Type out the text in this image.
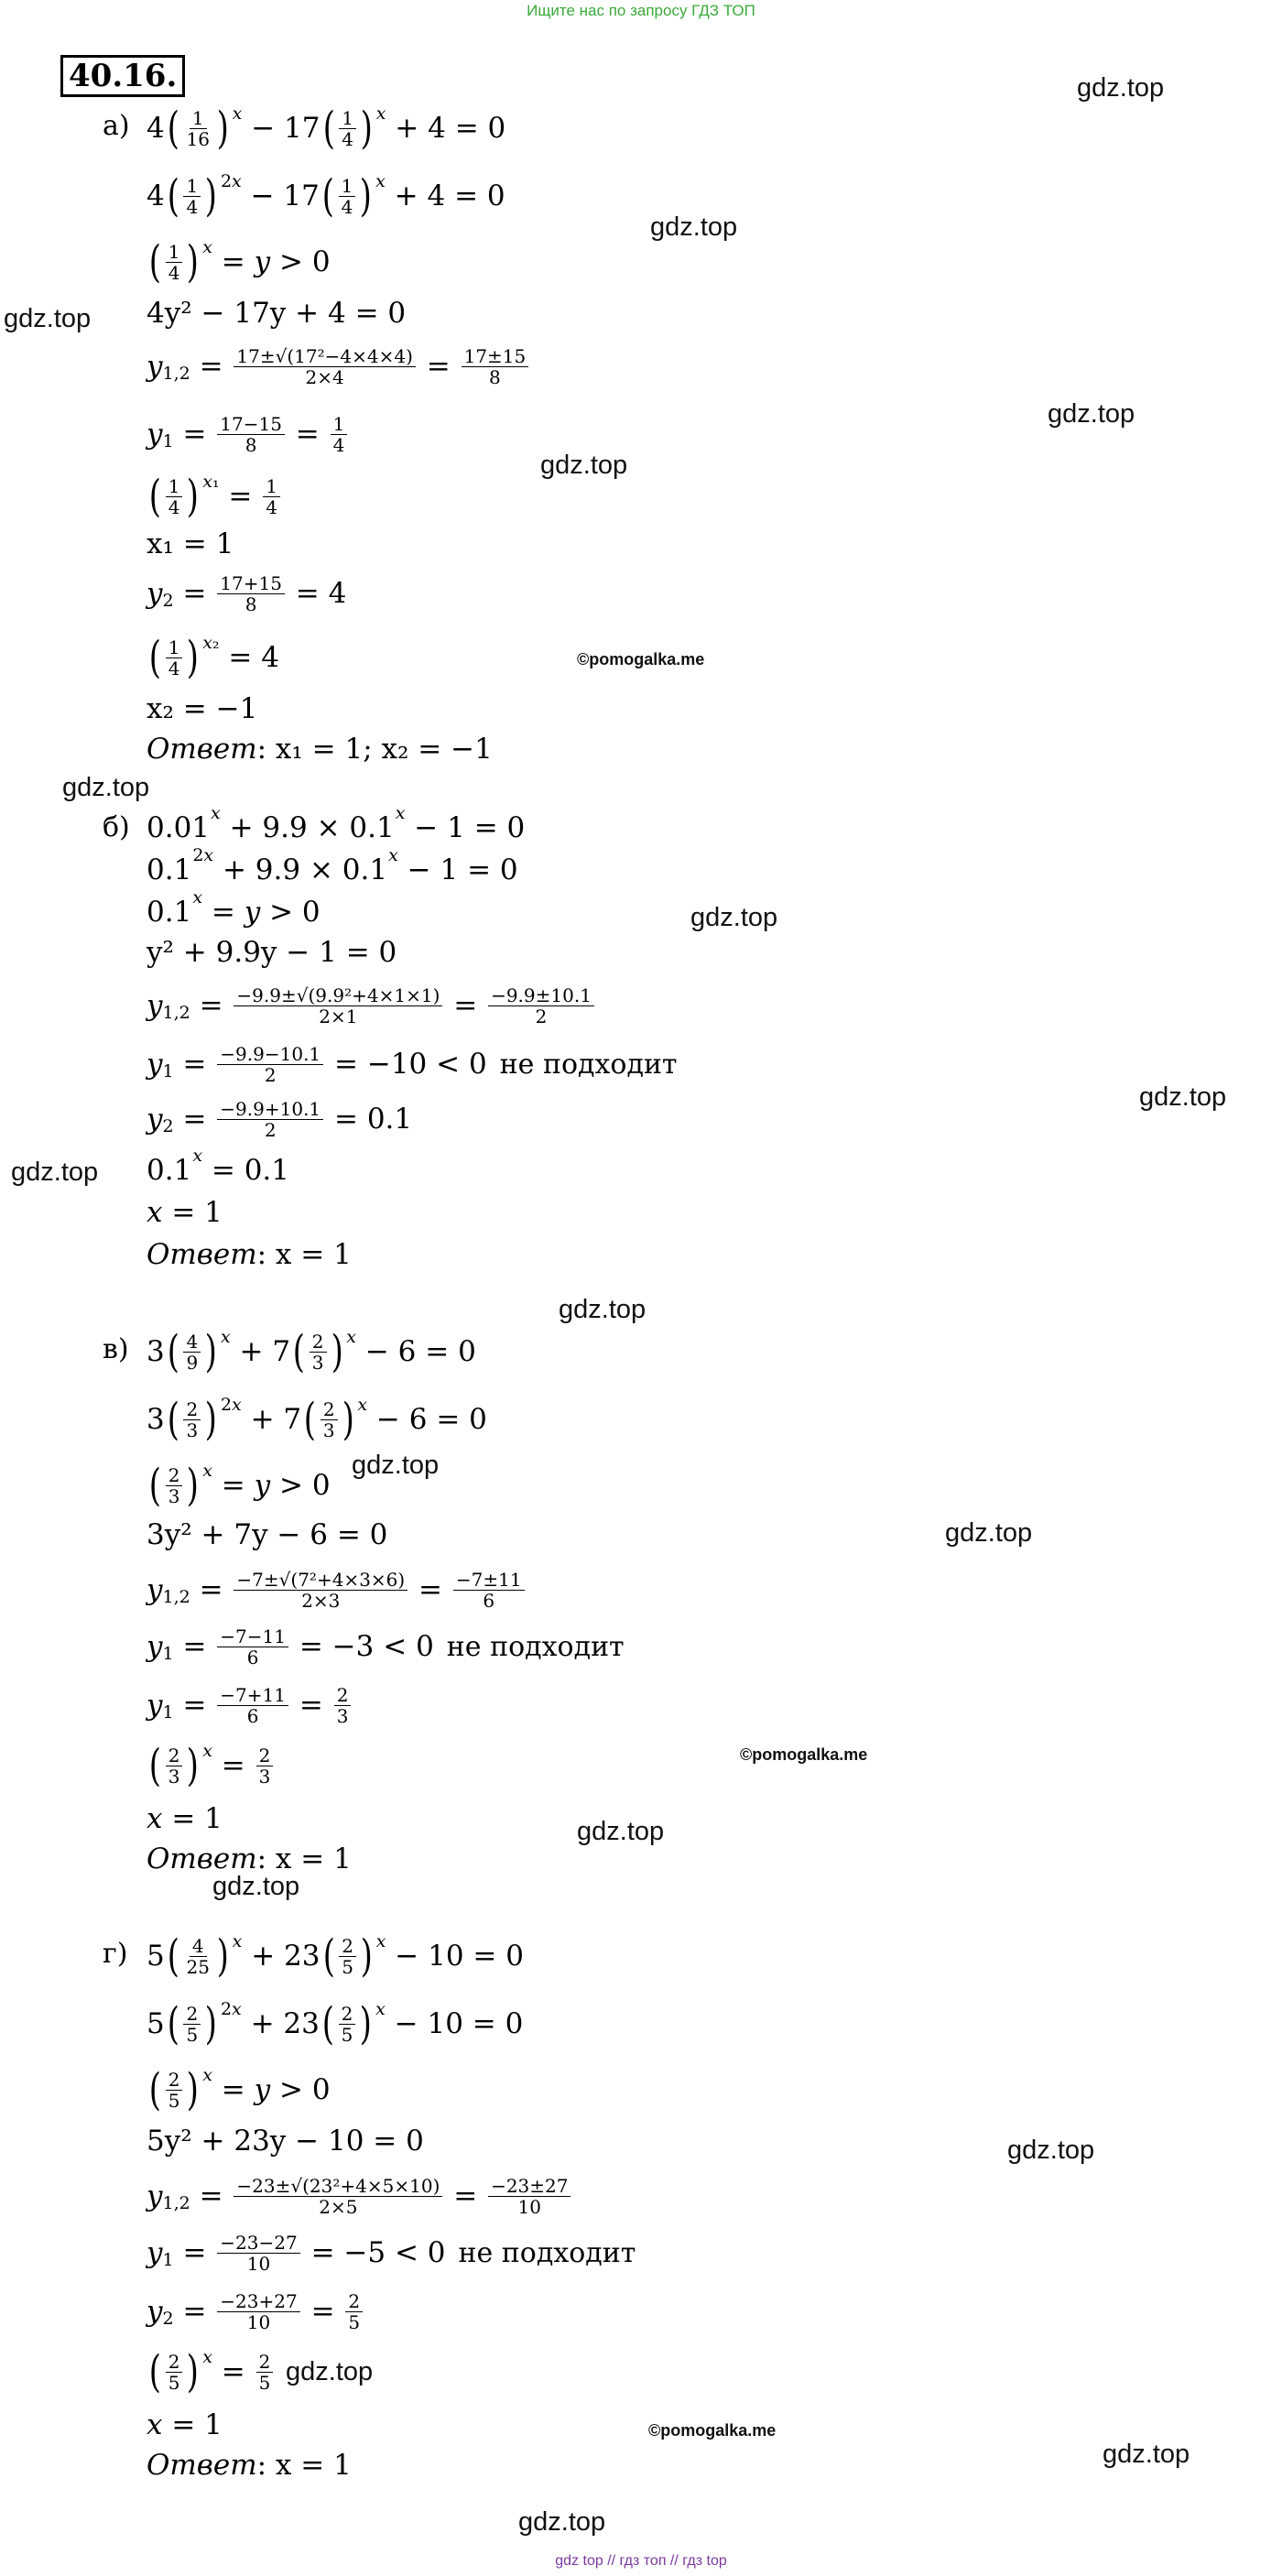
Ищите нас по запросу ГДЗ ТОП
40.16.	gdz.top
gdz.top
gdz.top
gdz.top
gdz.top
©pomogalka.me
gdz.top
gdz.top
gdz.top
gdz.top
gdz.top
gdz.top
gdz.top
©pomogalka.me
gdz.top
gdz.top
gdz.top
gdz.top
©pomogalka.me
gdz.top
gdz.top
а) 4 ( $\frac{1}{16}$ ) x − 17 ( $\frac{1}{4}$ ) x + 4 = 0
4 ( $\frac{1}{4}$ ) 2x − 17 ( $\frac{1}{4}$ ) x + 4 = 0
( $\frac{1}{4}$ ) x = y > 0
4y² − 17y + 4 = 0
y $1,2 = \frac{\text{17±√(17²−4×4×4)}}{2\times 4} = \frac{17\pm 15}{8}$
y $1 = \frac{17-15}{8} = \frac{1}{4}$
( $\frac{1}{4}$ ) $x_1 = \frac{1}{4}$
x₁ = 1
y $2 = \frac{17+15}{8} = 4$
( $\frac{1}{4}$ ) x₂ = 4
x₂ = −1
Ответ : x₁ = 1; x₂ = −1
б) 0.01 x + 9.9 × 0.1 x − 1 = 0
0.1 2x + 9.9 × 0.1 x − 1 = 0
0.1 x = y > 0
y² + 9.9y − 1 = 0
y $1,2 = \frac{\text{−9.9±√(9.9²+4×1×1)}}{2\times 1} = \frac{-9.9\pm 10.1}{2}$
y $1 = \frac{-9.9-10.1}{2} = -10 < 0$ не подходит
y $2 = \frac{-9.9+10.1}{2} = 0.1$
0.1 x = 0.1
x = 1
Ответ : x = 1
в) 3 ( $\frac{4}{9}$ ) x + 7 ( $\frac{2}{3}$ ) x − 6 = 0
3 ( $\frac{2}{3}$ ) 2x + 7 ( $\frac{2}{3}$ ) x − 6 = 0
( $\frac{2}{3}$ ) x = y > 0
3y² + 7y − 6 = 0
y $1,2 = \frac{\text{−7±√(7²+4×3×6)}}{2\times 3} = \frac{-7\pm 11}{6}$
y $1 = \frac{-7-11}{6} = -3 < 0$ не подходит
y $1 = \frac{-7+11}{6} = \frac{2}{3}$
( $\frac{2}{3}$ ) $x = \frac{2}{3}$
x = 1
Ответ : x = 1
г) 5 ( $\frac{4}{25}$ ) x + 23 ( $\frac{2}{5}$ ) x − 10 = 0
5 ( $\frac{2}{5}$ ) 2x + 23 ( $\frac{2}{5}$ ) x − 10 = 0
( $\frac{2}{5}$ ) x = y > 0
5y² + 23y − 10 = 0
y $1,2 = \frac{\text{−23±√(23²+4×5×10)}}{2\times 5} = \frac{-23\pm 27}{10}$
y $1 = \frac{-23-27}{10} = -5 < 0$ не подходит
y $2 = \frac{-23+27}{10} = \frac{2}{5}$
( $\frac{2}{5}$ ) $x = \frac{2}{5}$
x = 1
Ответ : x = 1
gdz top // гдз топ // гдз top
